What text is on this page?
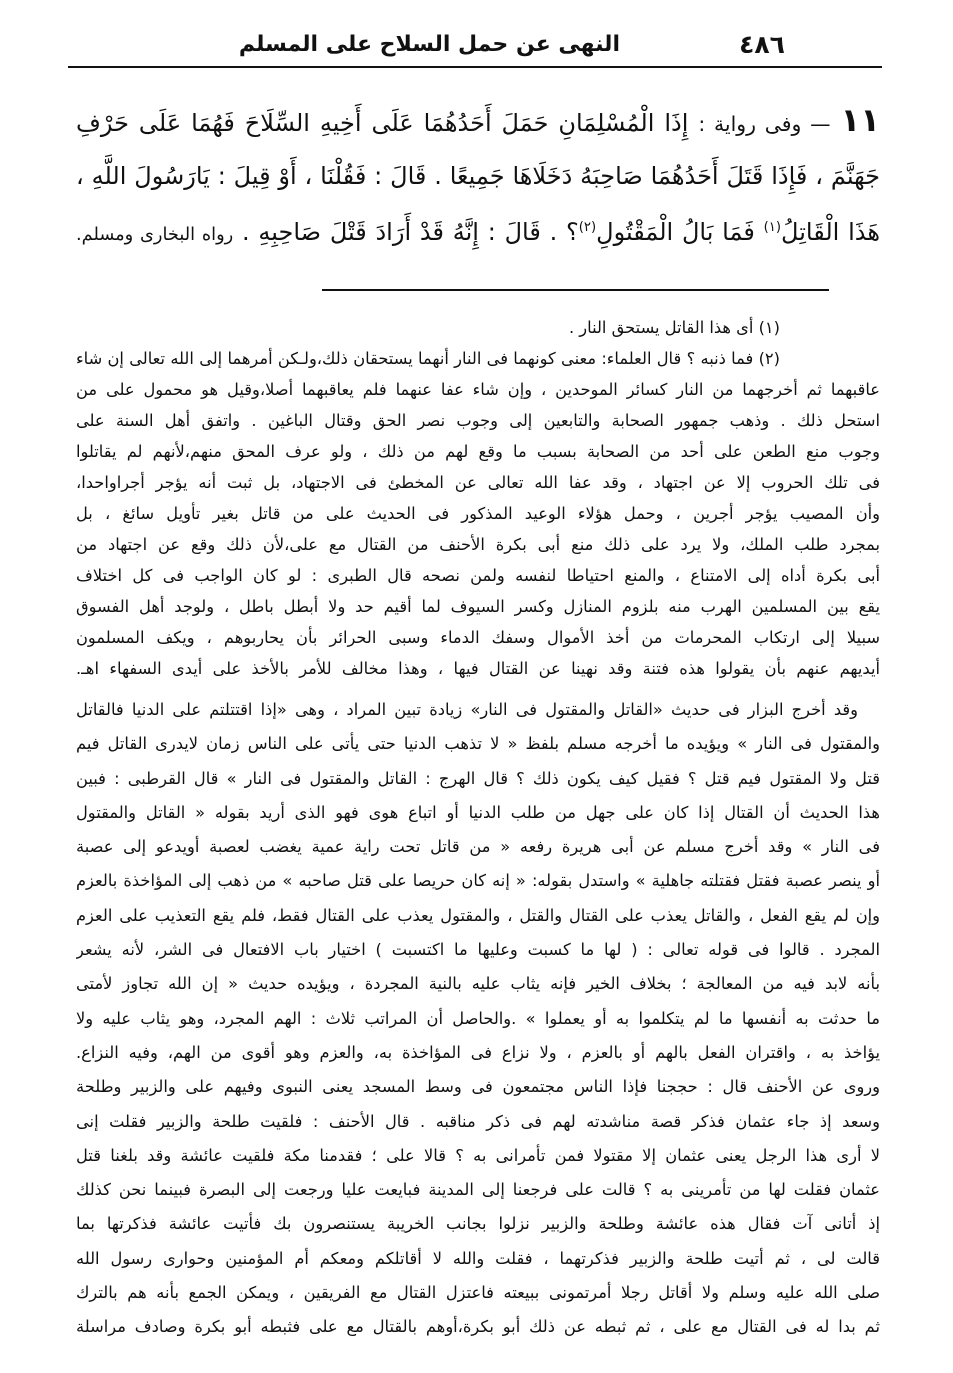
النهى عن حمل السلاح على المسلم	٤٨٦
١١ — وفى رواية : إِذَا الْمُسْلِمَانِ حَمَلَ أَحَدُهُمَا عَلَى أَخِيهِ السِّلَاحَ فَهُمَا عَلَى حَرْفِ
جَهَنَّمَ ، فَإِذَا قَتَلَ أَحَدُهُمَا صَاحِبَهُ دَخَلَاهَا جَمِيعًا . قَالَ : فَقُلْنَا ، أَوْ قِيلَ : يَارَسُولَ اللَّهِ ،
هَذَا الْقَاتِلُ$^{(١)}$ فَمَا بَالُ الْمَقْتُولِ$^{(٢)}$؟ . قَالَ : إِنَّهُ قَدْ أَرَادَ قَتْلَ صَاحِبِهِ . رواه البخارى ومسلم.
(١) أى هذا القاتل يستحق النار .
(٢) فما ذنبه ؟ قال العلماء: معنى كونهما فى النار أنهما يستحقان ذلك،ولـكن أمرهما إلى الله تعالى إن شاء
عاقبهما ثم أخرجهما من النار كسائر الموحدين ، وإن شاء عفا عنهما فلم يعاقبهما أصلا،وقيل هو محمول على من
استحل ذلك . وذهب جمهور الصحابة والتابعين إلى وجوب نصر الحق وقتال الباغين . واتفق أهل السنة على
وجوب منع الطعن على أحد من الصحابة بسبب ما وقع لهم من ذلك ، ولو عرف المحق منهم،لأنهم لم يقاتلوا
فى تلك الحروب إلا عن اجتهاد ، وقد عفا الله تعالى عن المخطئ فى الاجتهاد، بل ثبت أنه يؤجر أجراواحدا،
وأن المصيب يؤجر أجرين ، وحمل هؤلاء الوعيد المذكور فى الحديث على من قاتل بغير تأويل سائغ ، بل
بمجرد طلب الملك، ولا يرد على ذلك منع أبى بكرة الأحنف من القتال مع على،لأن ذلك وقع عن اجتهاد من
أبى بكرة أداه إلى الامتناع ، والمنع احتياطا لنفسه ولمن نصحه قال الطبرى : لو كان الواجب فى كل اختلاف
يقع بين المسلمين الهرب منه بلزوم المنازل وكسر السيوف لما أقيم حد ولا أبطل باطل ، ولوجد أهل الفسوق
سبيلا إلى ارتكاب المحرمات من أخذ الأموال وسفك الدماء وسبى الحرائر بأن يحاربوهم ، ويكف المسلمون
أيديهم عنهم بأن يقولوا هذه فتنة وقد نهينا عن القتال فيها ، وهذا مخالف للأمر بالأخذ على أيدى السفهاء اهـ.
وقد أخرج البزار فى حديث «القاتل والمقتول فى النار» زيادة تبين المراد ، وهى «إذا اقتتلتم على الدنيا فالقاتل
والمقتول فى النار » ويؤيده ما أخرجه مسلم بلفظ « لا تذهب الدنيا حتى يأتى على الناس زمان لايدرى القاتل فيم
قتل ولا المقتول فيم قتل ؟ فقيل كيف يكون ذلك ؟ قال الهرج : القاتل والمقتول فى النار » قال القرطبى : فبين
هذا الحديث أن القتال إذا كان على جهل من طلب الدنيا أو اتباع هوى فهو الذى أريد بقوله « القاتل والمقتول
فى النار » وقد أخرج مسلم عن أبى هريرة رفعه « من قاتل تحت راية عمية يغضب لعصبة أويدعو إلى عصبة
أو ينصر عصبة فقتل فقتلته جاهلية » واستدل بقوله: « إنه كان حريصا على قتل صاحبه » من ذهب إلى المؤاخذة بالعزم
وإن لم يقع الفعل ، والقاتل يعذب على القتال والقتل ، والمقتول يعذب على القتال فقط، فلم يقع التعذيب على العزم
المجرد . قالوا فى قوله تعالى : ( لها ما كسبت وعليها ما اكتسبت ) اختيار باب الافتعال فى الشر، لأنه يشعر
بأنه لابد فيه من المعالجة ؛ بخلاف الخير فإنه يثاب عليه بالنية المجردة ، ويؤيده حديث « إن الله تجاوز لأمتى
ما حدثت به أنفسها ما لم يتكلموا به أو يعملوا » .والحاصل أن المراتب ثلاث : الهم المجرد، وهو يثاب عليه ولا
يؤاخذ به ، واقتران الفعل بالهم أو بالعزم ، ولا نزاع فى المؤاخذة به، والعزم وهو أقوى من الهم، وفيه النزاع.
وروى عن الأحنف قال : حججنا فإذا الناس مجتمعون فى وسط المسجد يعنى النبوى وفيهم على والزبير وطلحة
وسعد إذ جاء عثمان فذكر قصة مناشدته لهم فى ذكر مناقبه . قال الأحنف : فلقيت طلحة والزبير فقلت إنى
لا أرى هذا الرجل يعنى عثمان إلا مقتولا فمن تأمرانى به ؟ قالا على ؛ فقدمنا مكة فلقيت عائشة وقد بلغنا قتل
عثمان فقلت لها من تأمرينى به ؟ قالت على فرجعنا إلى المدينة فبايعت عليا ورجعت إلى البصرة فبينما نحن كذلك
إذ أتانى آت فقال هذه عائشة وطلحة والزبير نزلوا بجانب الخريبة يستنصرون بك فأتيت عائشة فذكرتها بما
قالت لى ، ثم أتيت طلحة والزبير فذكرتهما ، فقلت والله لا أقاتلكم ومعكم أم المؤمنين وحوارى رسول الله
صلى الله عليه وسلم ولا أقاتل رجلا أمرتمونى ببيعته فاعتزل القتال مع الفريقين ، ويمكن الجمع بأنه هم بالترك
ثم بدا له فى القتال مع على ، ثم ثبطه عن ذلك أبو بكرة،أوهم بالقتال مع على فثبطه أبو بكرة وصادف مراسلة
